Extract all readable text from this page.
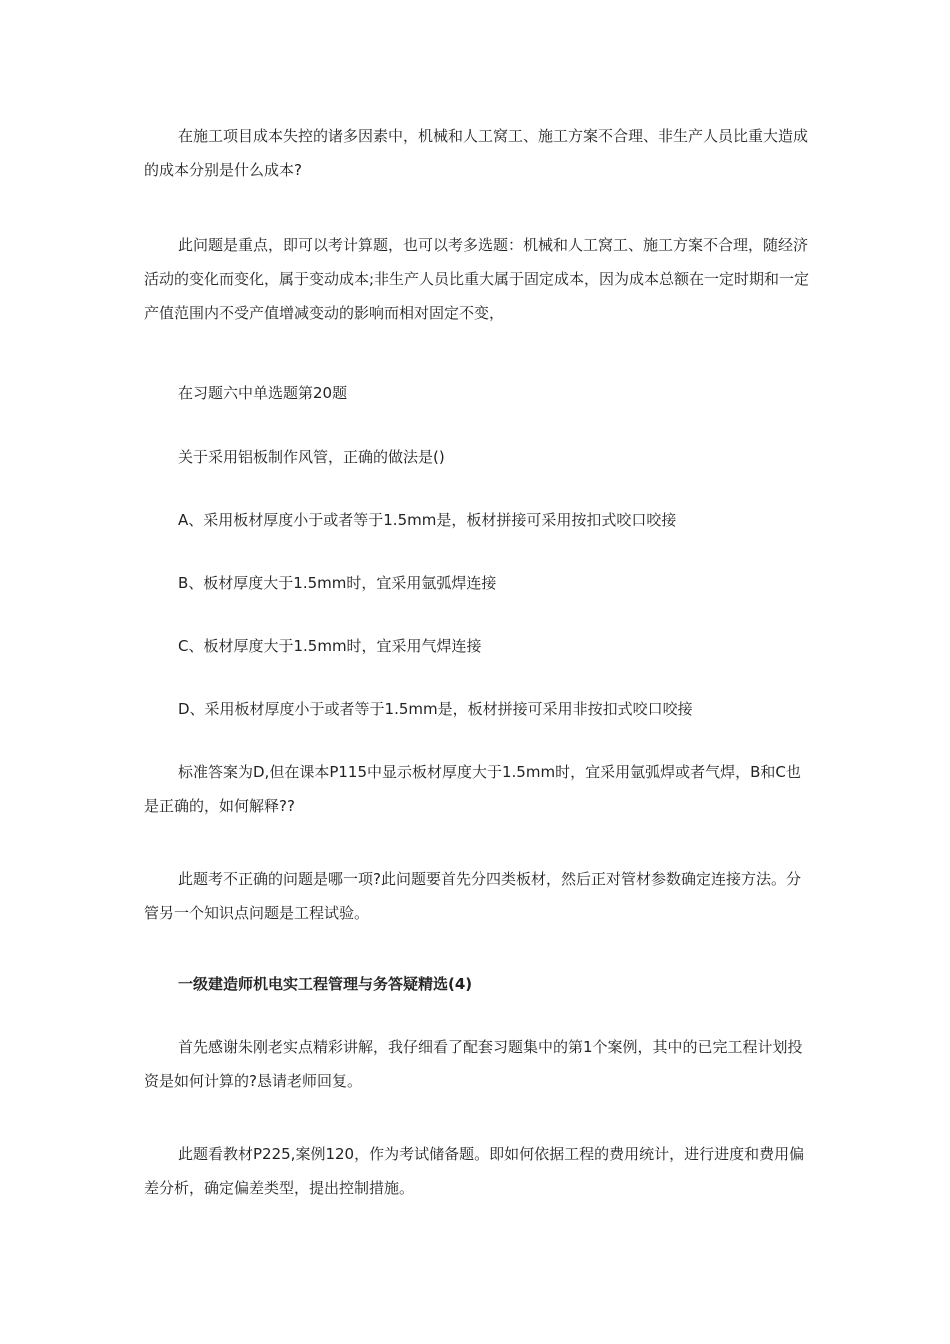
在施工项目成本失控的诸多因素中，机械和人工窝工、施工方案不合理、非生产人员比重大造成的成本分别是什么成本?

此问题是重点，即可以考计算题，也可以考多选题：机械和人工窝工、施工方案不合理，随经济活动的变化而变化，属于变动成本;非生产人员比重大属于固定成本，因为成本总额在一定时期和一定产值范围内不受产值增减变动的影响而相对固定不变，

在习题六中单选题第20题

关于采用铝板制作风管，正确的做法是()

A、采用板材厚度小于或者等于1.5mm是，板材拼接可采用按扣式咬口咬接

B、板材厚度大于1.5mm时，宜采用氩弧焊连接

C、板材厚度大于1.5mm时，宜采用气焊连接

D、采用板材厚度小于或者等于1.5mm是，板材拼接可采用非按扣式咬口咬接

标准答案为D,但在课本P115中显示板材厚度大于1.5mm时，宜采用氩弧焊或者气焊，B和C也是正确的，如何解释??

此题考不正确的问题是哪一项?此问题要首先分四类板材，然后正对管材参数确定连接方法。分管另一个知识点问题是工程试验。

一级建造师机电实工程管理与务答疑精选(4)

首先感谢朱刚老实点精彩讲解，我仔细看了配套习题集中的第1个案例，其中的已完工程计划投资是如何计算的?恳请老师回复。

此题看教材P225,案例120，作为考试储备题。即如何依据工程的费用统计，进行进度和费用偏差分析，确定偏差类型，提出控制措施。
